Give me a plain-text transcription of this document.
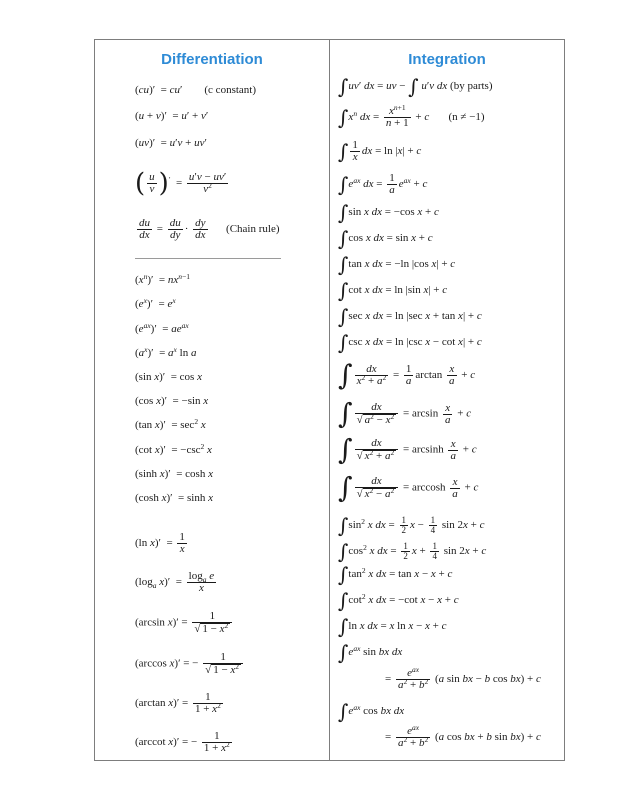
Differentiation	Integration
(cu)′  = cu′        (c constant)
(u + v)′  = u′ + v′
(uv)′  = u′v + uv′
( $\frac{u}{v} )' = \frac{u'v - uv'}{v^2}$
$\frac{du}{dx} = \frac{du}{dy} \cdot \frac{dy}{dx}$ (Chain rule)
$(x^n)' = nx^{n-1}$
$(e^x)' = e^x$
$(e^{ax})' = ae^{ax}$
$(a^x)' = a^x$ ln a
(sin x)′  = cos x
(cos x)′  = −sin x
(tan $x)' = \sec^2 x$
(cot $x)' = -\csc^2$ x
(sinh x)′  = cosh x
(cosh x)′  = sinh x
(ln $x)' = \frac{1}{x}$
($\log_a$ $x)' = \frac{\log_a e}{x}$
(arcsin $x)' = \frac{1}{√ 1 - x^2}$
(arccos x)′ = − $\frac{1}{√ 1 - x^2}$
(arctan $x)' = \frac{1}{1 + x^2}$
(arccot x)′ = − $\frac{1}{1 + x^2}$
∫uv′ dx = uv − ∫ u′v dx (by parts)
$\int x^n$ dx = $\frac{x^{n+1}}{n + 1} + c$ (n ≠ −1)
∫ $\frac{1}{x}$ dx = ln |x| + c
$\int e^{ax}$ dx = $\frac{1}{a} e^{ax} + c$
∫sin x dx = −cos x + c
∫cos x dx = sin x + c
∫tan x dx = −ln |cos x| + c
∫cot x dx = ln |sin x| + c
∫sec x dx = ln |sec x + tan x| + c
∫csc x dx = ln |csc x − cot x| + c
∫ $\frac{dx}{x^2 + a^2} = \frac{1}{a}$ $\arctan \frac{x}{a} + c$
∫ $\frac{dx}{√ a^2 - x^2} = \arcsin \frac{x}{a} + c$
∫ $\frac{dx}{√ x^2 + a^2} = \arcsin h \frac{x}{a} + c$
∫ $\frac{dx}{√ x^2 - a^2} = \arccos h \frac{x}{a} + c$
$\int\sin^2$ x dx = $\frac{1}{2}$ $x - \frac{1}{4}$ sin 2x + c
$\int\cos^2$ x dx = $\frac{1}{2}$ $x + \frac{1}{4}$ sin 2x + c
$\int\tan^2$ x dx = tan x − x + c
$\int\cot^2$ x dx = −cot x − x + c
∫ln x dx = x ln x − x + c
$\int e^{ax}$ sin bx dx
= $\frac{e^{ax}}{a^2 + b^2} (a$ sin bx − b cos bx) + c
$\int e^{ax}$ cos bx dx
= $\frac{e^{ax}}{a^2 + b^2} (a$ cos bx + b sin bx) + c
